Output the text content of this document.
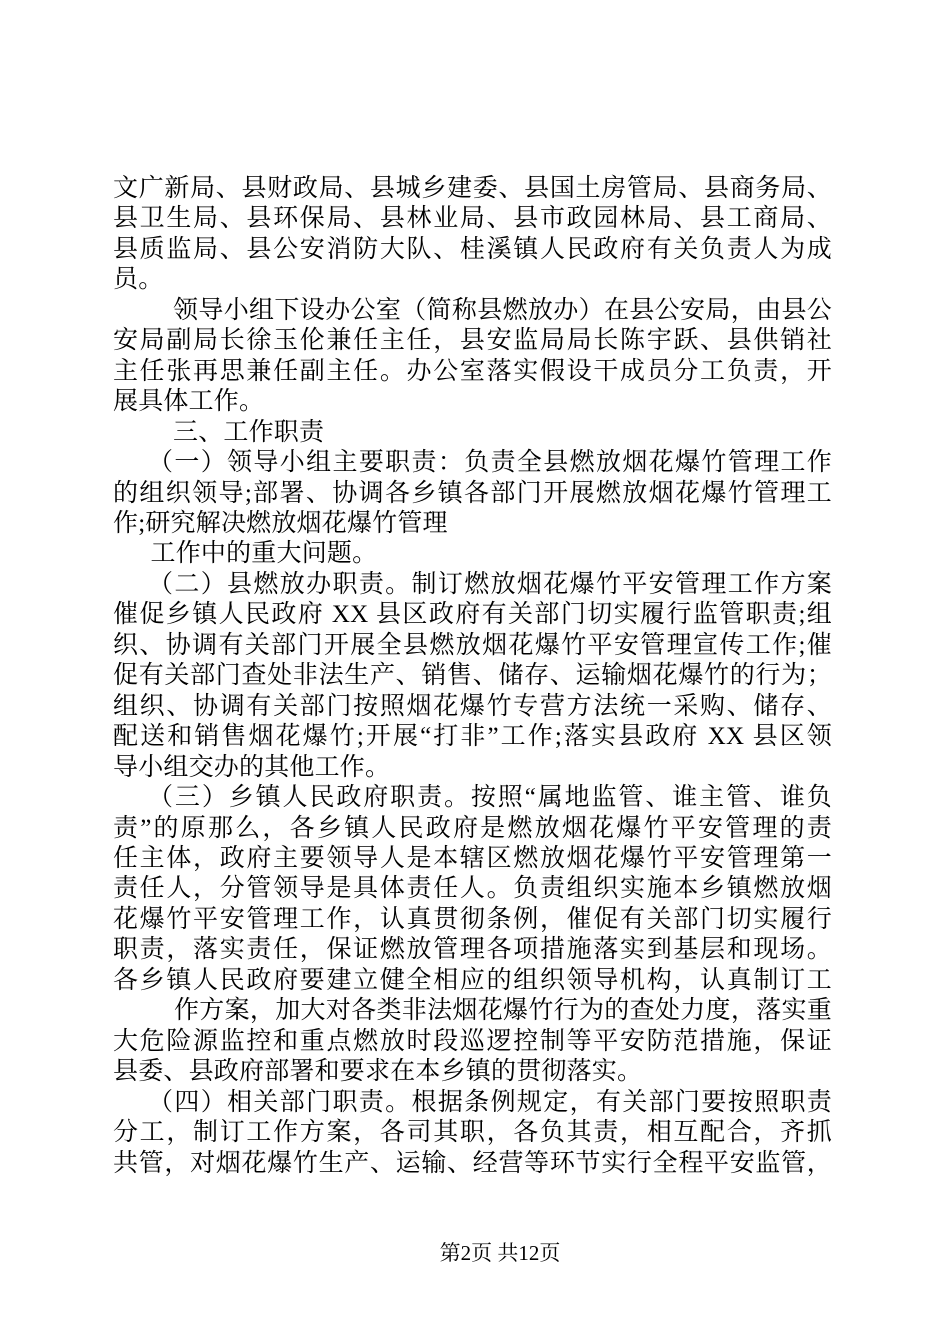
文广新局、县财政局、县城乡建委、县国土房管局、县商务局、
县卫生局、县环保局、县林业局、县市政园林局、县工商局、
县质监局、县公安消防大队、桂溪镇人民政府有关负责人为成
员。
领导小组下设办公室（简称县燃放办）在县公安局，由县公
安局副局长徐玉伦兼任主任，县安监局局长陈宇跃、县供销社
主任张再思兼任副主任。办公室落实假设干成员分工负责，开
展具体工作。
三、工作职责
（一）领导小组主要职责：负责全县燃放烟花爆竹管理工作
的组织领导;部署、协调各乡镇各部门开展燃放烟花爆竹管理工
作;研究解决燃放烟花爆竹管理
工作中的重大问题。
（二）县燃放办职责。制订燃放烟花爆竹平安管理工作方案
催促乡镇人民政府 XX 县区政府有关部门切实履行监管职责;组
织、协调有关部门开展全县燃放烟花爆竹平安管理宣传工作;催
促有关部门查处非法生产、销售、储存、运输烟花爆竹的行为；
组织、协调有关部门按照烟花爆竹专营方法统一采购、储存、
配送和销售烟花爆竹;开展“打非”工作;落实县政府 XX 县区领
导小组交办的其他工作。
（三）乡镇人民政府职责。按照“属地监管、谁主管、谁负
责”的原那么，各乡镇人民政府是燃放烟花爆竹平安管理的责
任主体，政府主要领导人是本辖区燃放烟花爆竹平安管理第一
责任人，分管领导是具体责任人。负责组织实施本乡镇燃放烟
花爆竹平安管理工作，认真贯彻条例，催促有关部门切实履行
职责，落实责任，保证燃放管理各项措施落实到基层和现场。
各乡镇人民政府要建立健全相应的组织领导机构，认真制订工
作方案，加大对各类非法烟花爆竹行为的查处力度，落实重
大危险源监控和重点燃放时段巡逻控制等平安防范措施，保证
县委、县政府部署和要求在本乡镇的贯彻落实。
（四）相关部门职责。根据条例规定，有关部门要按照职责
分工，制订工作方案，各司其职，各负其责，相互配合，齐抓
共管，对烟花爆竹生产、运输、经营等环节实行全程平安监管，
第2页 共12页
